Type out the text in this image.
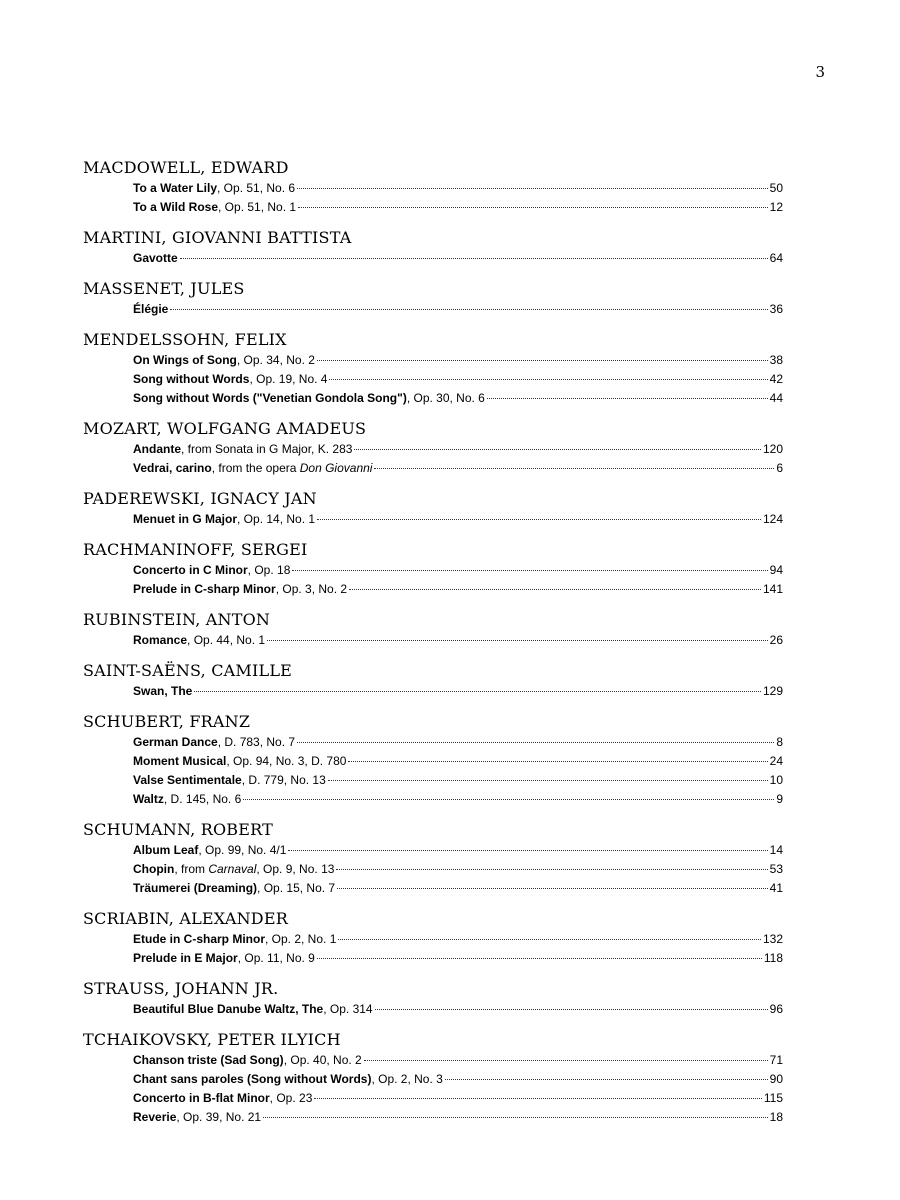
3
MACDOWELL, EDWARD
To a Water Lily, Op. 51, No. 6	50
To a Wild Rose, Op. 51, No. 1	12
MARTINI, GIOVANNI BATTISTA
Gavotte	64
MASSENET, JULES
Élégie	36
MENDELSSOHN, FELIX
On Wings of Song, Op. 34, No. 2	38
Song without Words, Op. 19, No. 4	42
Song without Words ("Venetian Gondola Song"), Op. 30, No. 6	44
MOZART, WOLFGANG AMADEUS
Andante, from Sonata in G Major, K. 283	120
Vedrai, carino, from the opera Don Giovanni	6
PADEREWSKI, IGNACY JAN
Menuet in G Major, Op. 14, No. 1	124
RACHMANINOFF, SERGEI
Concerto in C Minor, Op. 18	94
Prelude in C-sharp Minor, Op. 3, No. 2	141
RUBINSTEIN, ANTON
Romance, Op. 44, No. 1	26
SAINT-SAËNS, CAMILLE
Swan, The	129
SCHUBERT, FRANZ
German Dance, D. 783, No. 7	8
Moment Musical, Op. 94, No. 3, D. 780	24
Valse Sentimentale, D. 779, No. 13	10
Waltz, D. 145, No. 6	9
SCHUMANN, ROBERT
Album Leaf, Op. 99, No. 4/1	14
Chopin, from Carnaval, Op. 9, No. 13	53
Träumerei (Dreaming), Op. 15, No. 7	41
SCRIABIN, ALEXANDER
Etude in C-sharp Minor, Op. 2, No. 1	132
Prelude in E Major, Op. 11, No. 9	118
STRAUSS, JOHANN JR.
Beautiful Blue Danube Waltz, The, Op. 314	96
TCHAIKOVSKY, PETER ILYICH
Chanson triste (Sad Song), Op. 40, No. 2	71
Chant sans paroles (Song without Words), Op. 2, No. 3	90
Concerto in B-flat Minor, Op. 23	115
Reverie, Op. 39, No. 21	18
